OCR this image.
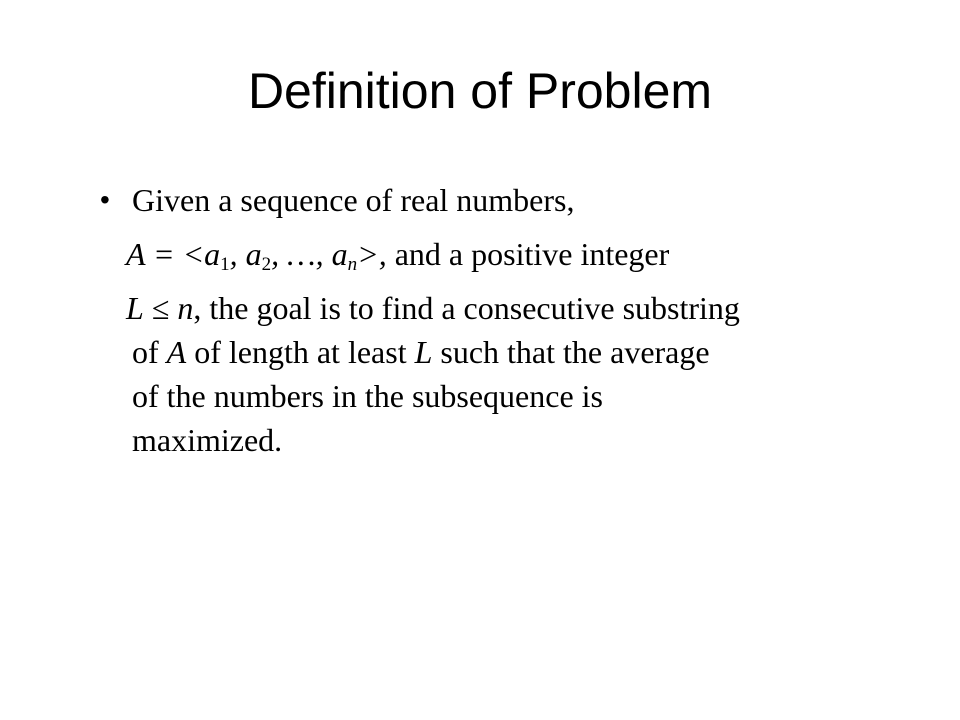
Definition of Problem
• Given a sequence of real numbers,
$A = <a_1$, $a_2$, …, $a_n>$, and a positive integer
L ≤ n, the goal is to find a consecutive substring
of A of length at least L such that the average
of the numbers in the subsequence is
maximized.
